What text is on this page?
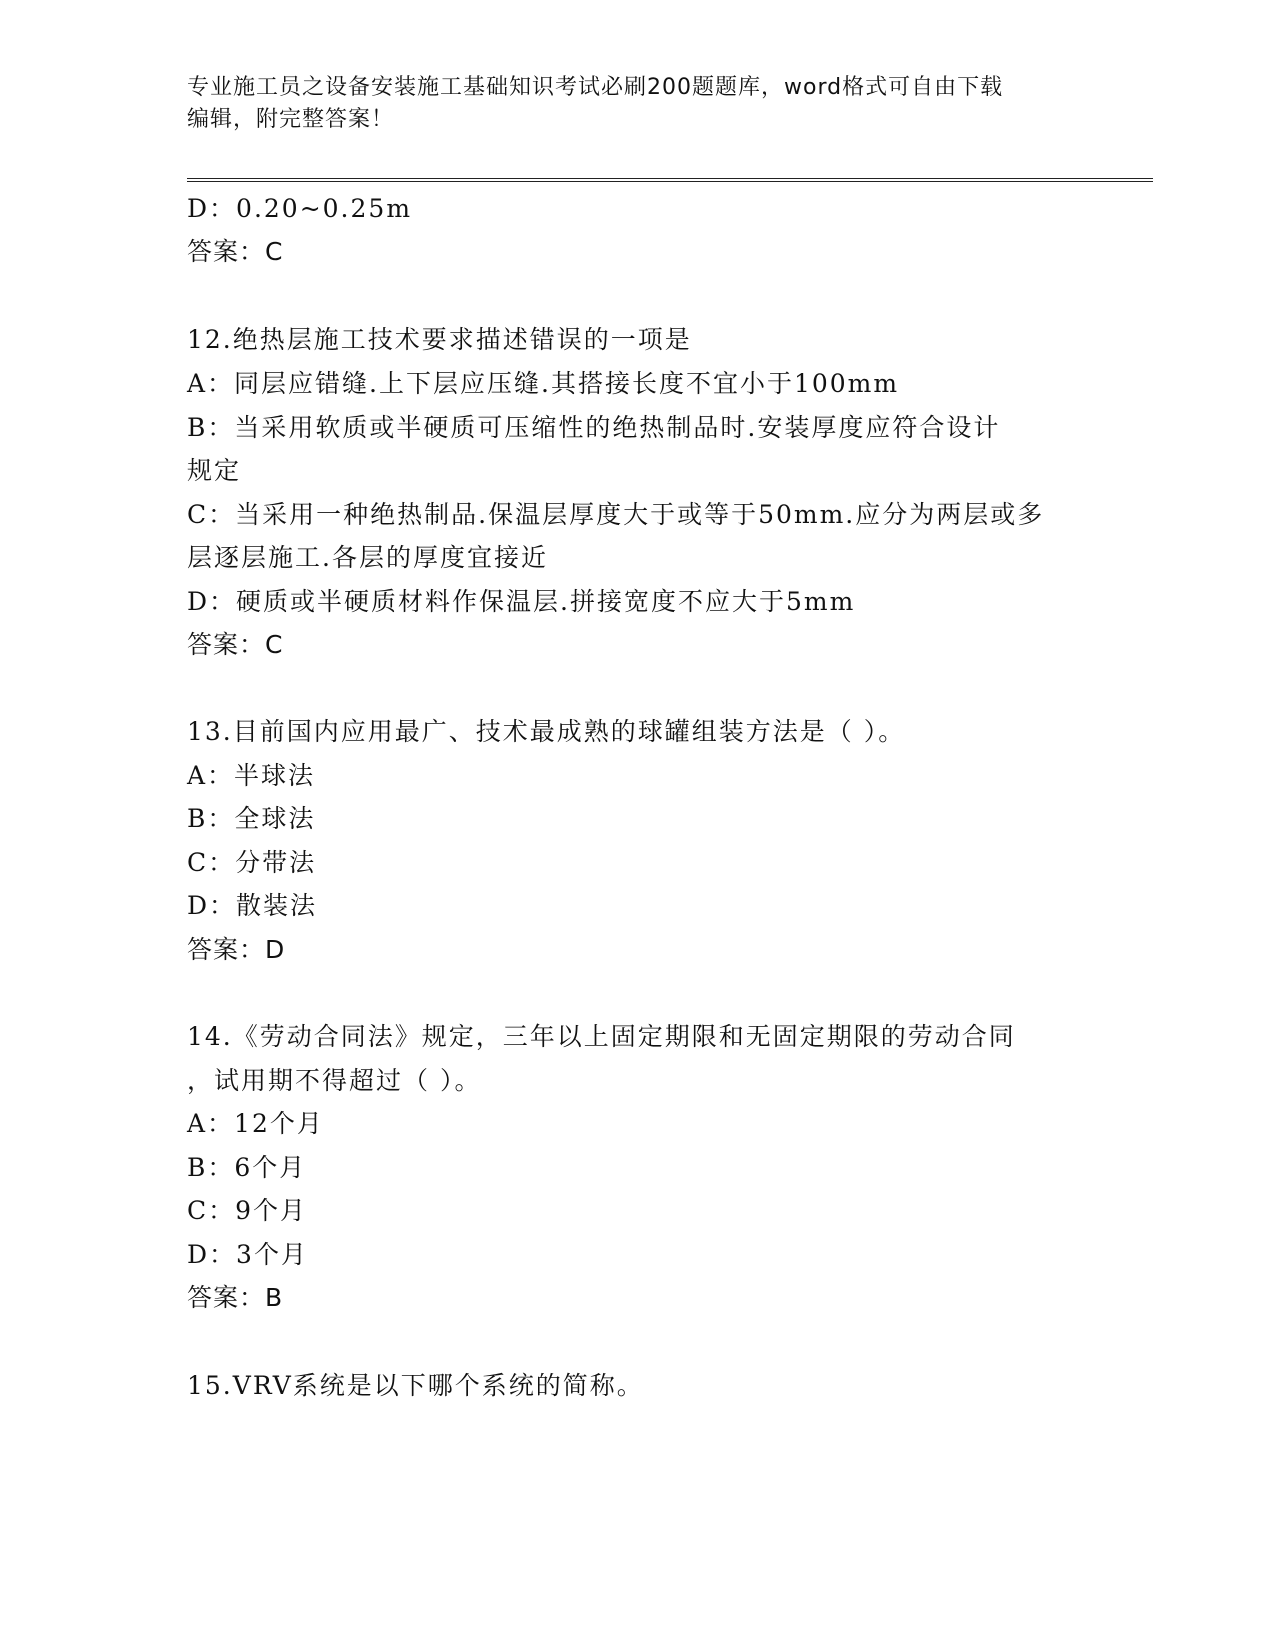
专业施工员之设备安装施工基础知识考试必刷200题题库，word格式可自由下载
编辑，附完整答案！
D：0.20~0.25m
答案：C
12.绝热层施工技术要求描述错误的一项是
A：同层应错缝.上下层应压缝.其搭接长度不宜小于100mm
B：当采用软质或半硬质可压缩性的绝热制品时.安装厚度应符合设计
规定
C：当采用一种绝热制品.保温层厚度大于或等于50mm.应分为两层或多
层逐层施工.各层的厚度宜接近
D：硬质或半硬质材料作保温层.拼接宽度不应大于5mm
答案：C
13.目前国内应用最广、技术最成熟的球罐组装方法是（ ）。
A：半球法
B：全球法
C：分带法
D：散装法
答案：D
14.《劳动合同法》规定，三年以上固定期限和无固定期限的劳动合同
，试用期不得超过（ ）。
A：12个月
B：6个月
C：9个月
D：3个月
答案：B
15.VRV系统是以下哪个系统的简称。
